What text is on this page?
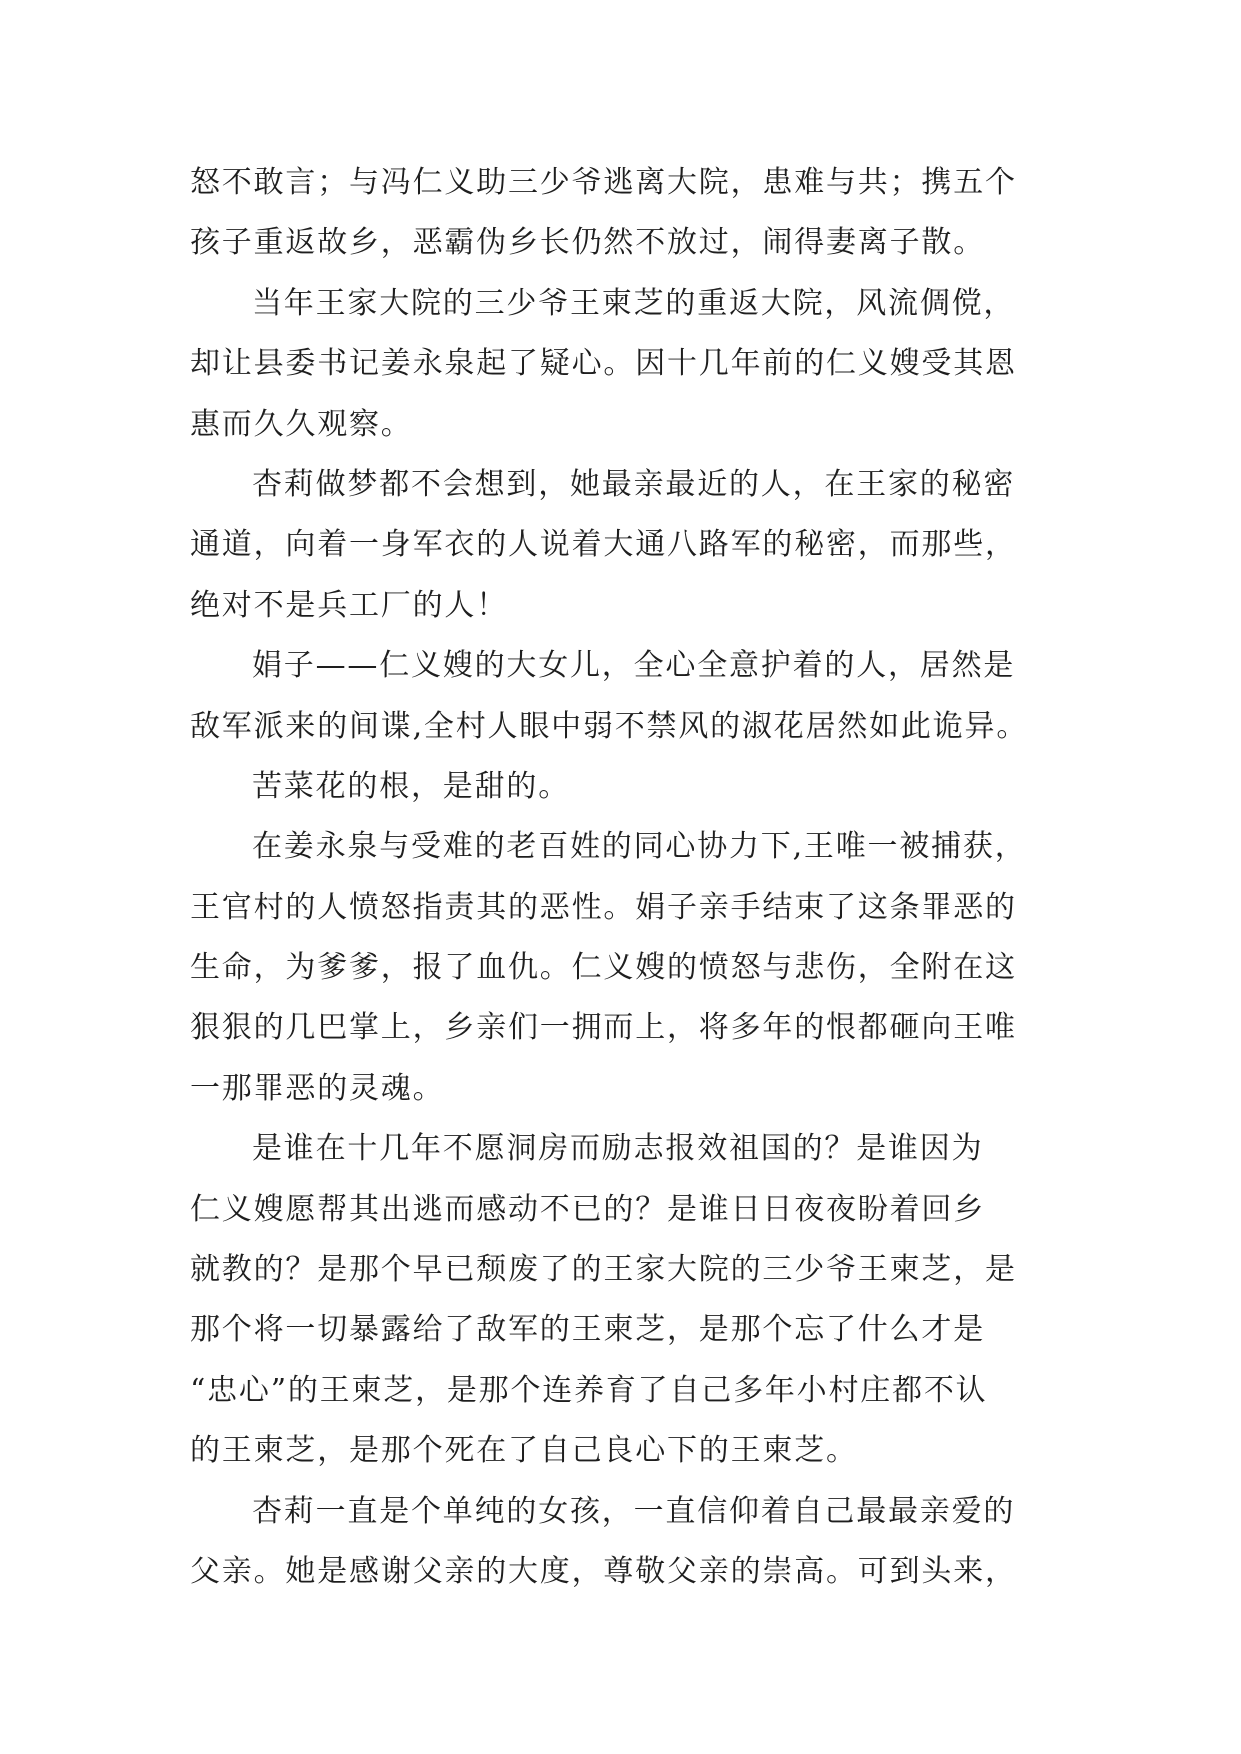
怒不敢言；与冯仁义助三少爷逃离大院，患难与共；携五个
孩子重返故乡，恶霸伪乡长仍然不放过，闹得妻离子散。
当年王家大院的三少爷王柬芝的重返大院，风流倜傥，
却让县委书记姜永泉起了疑心。因十几年前的仁义嫂受其恩
惠而久久观察。
杏莉做梦都不会想到，她最亲最近的人，在王家的秘密
通道，向着一身军衣的人说着大通八路军的秘密，而那些，
绝对不是兵工厂的人！
娟子——仁义嫂的大女儿，全心全意护着的人，居然是
敌军派来的间谍,全村人眼中弱不禁风的淑花居然如此诡异。
苦菜花的根，是甜的。
在姜永泉与受难的老百姓的同心协力下,王唯一被捕获，
王官村的人愤怒指责其的恶性。娟子亲手结束了这条罪恶的
生命，为爹爹，报了血仇。仁义嫂的愤怒与悲伤，全附在这
狠狠的几巴掌上，乡亲们一拥而上，将多年的恨都砸向王唯
一那罪恶的灵魂。
是谁在十几年不愿洞房而励志报效祖国的？是谁因为
仁义嫂愿帮其出逃而感动不已的？是谁日日夜夜盼着回乡
就教的？是那个早已颓废了的王家大院的三少爷王柬芝，是
那个将一切暴露给了敌军的王柬芝，是那个忘了什么才是
“忠心”的王柬芝，是那个连养育了自己多年小村庄都不认
的王柬芝，是那个死在了自己良心下的王柬芝。
杏莉一直是个单纯的女孩，一直信仰着自己最最亲爱的
父亲。她是感谢父亲的大度，尊敬父亲的崇高。可到头来，
